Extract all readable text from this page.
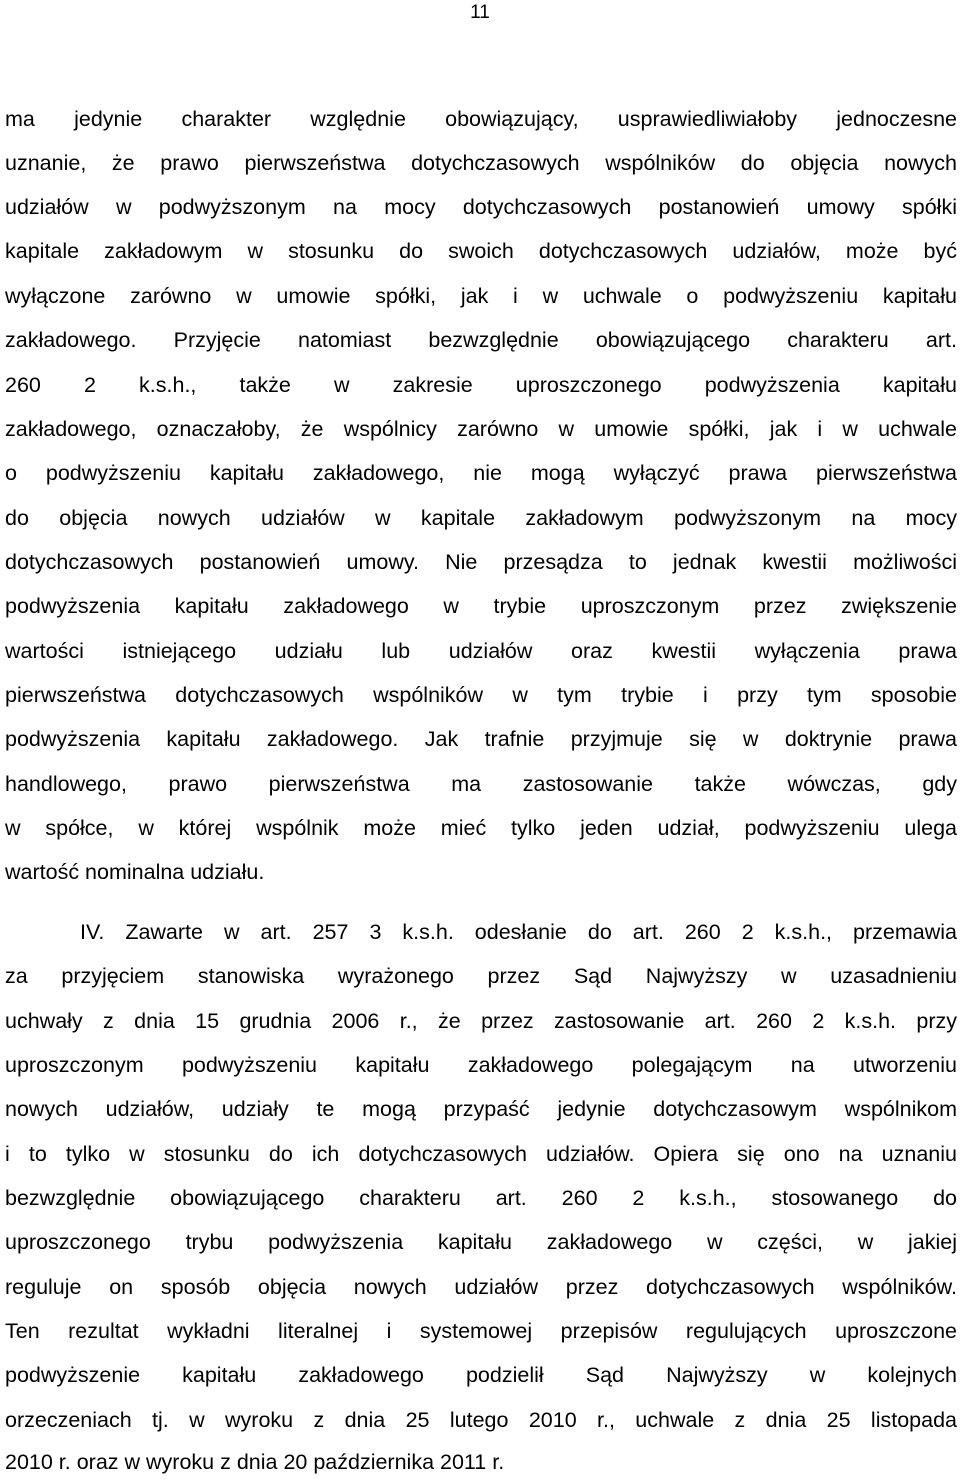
11
ma jedynie charakter względnie obowiązujący, usprawiedliwiałoby jednoczesne
uznanie, że prawo pierwszeństwa dotychczasowych wspólników do objęcia nowych
udziałów w podwyższonym na mocy dotychczasowych postanowień umowy spółki
kapitale zakładowym w stosunku do swoich dotychczasowych udziałów, może być
wyłączone zarówno w umowie spółki, jak i w uchwale o podwyższeniu kapitału
zakładowego. Przyjęcie natomiast bezwzględnie obowiązującego charakteru art.
260 2 k.s.h., także w zakresie uproszczonego podwyższenia kapitału
zakładowego, oznaczałoby, że wspólnicy zarówno w umowie spółki, jak i w uchwale
o podwyższeniu kapitału zakładowego, nie mogą wyłączyć prawa pierwszeństwa
do objęcia nowych udziałów w kapitale zakładowym podwyższonym na mocy
dotychczasowych postanowień umowy. Nie przesądza to jednak kwestii możliwości
podwyższenia kapitału zakładowego w trybie uproszczonym przez zwiększenie
wartości istniejącego udziału lub udziałów oraz kwestii wyłączenia prawa
pierwszeństwa dotychczasowych wspólników w tym trybie i przy tym sposobie
podwyższenia kapitału zakładowego. Jak trafnie przyjmuje się w doktrynie prawa
handlowego, prawo pierwszeństwa ma zastosowanie także wówczas, gdy
w spółce, w której wspólnik może mieć tylko jeden udział, podwyższeniu ulega
wartość nominalna udziału.
IV. Zawarte w art. 257 3 k.s.h. odesłanie do art. 260 2 k.s.h., przemawia
za przyjęciem stanowiska wyrażonego przez Sąd Najwyższy w uzasadnieniu
uchwały z dnia 15 grudnia 2006 r., że przez zastosowanie art. 260 2 k.s.h. przy
uproszczonym podwyższeniu kapitału zakładowego polegającym na utworzeniu
nowych udziałów, udziały te mogą przypaść jedynie dotychczasowym wspólnikom
i to tylko w stosunku do ich dotychczasowych udziałów. Opiera się ono na uznaniu
bezwzględnie obowiązującego charakteru art. 260 2 k.s.h., stosowanego do
uproszczonego trybu podwyższenia kapitału zakładowego w części, w jakiej
reguluje on sposób objęcia nowych udziałów przez dotychczasowych wspólników.
Ten rezultat wykładni literalnej i systemowej przepisów regulujących uproszczone
podwyższenie kapitału zakładowego podzielił Sąd Najwyższy w kolejnych
orzeczeniach tj. w wyroku z dnia 25 lutego 2010 r., uchwale z dnia 25 listopada
2010 r. oraz w wyroku z dnia 20 października 2011 r.
